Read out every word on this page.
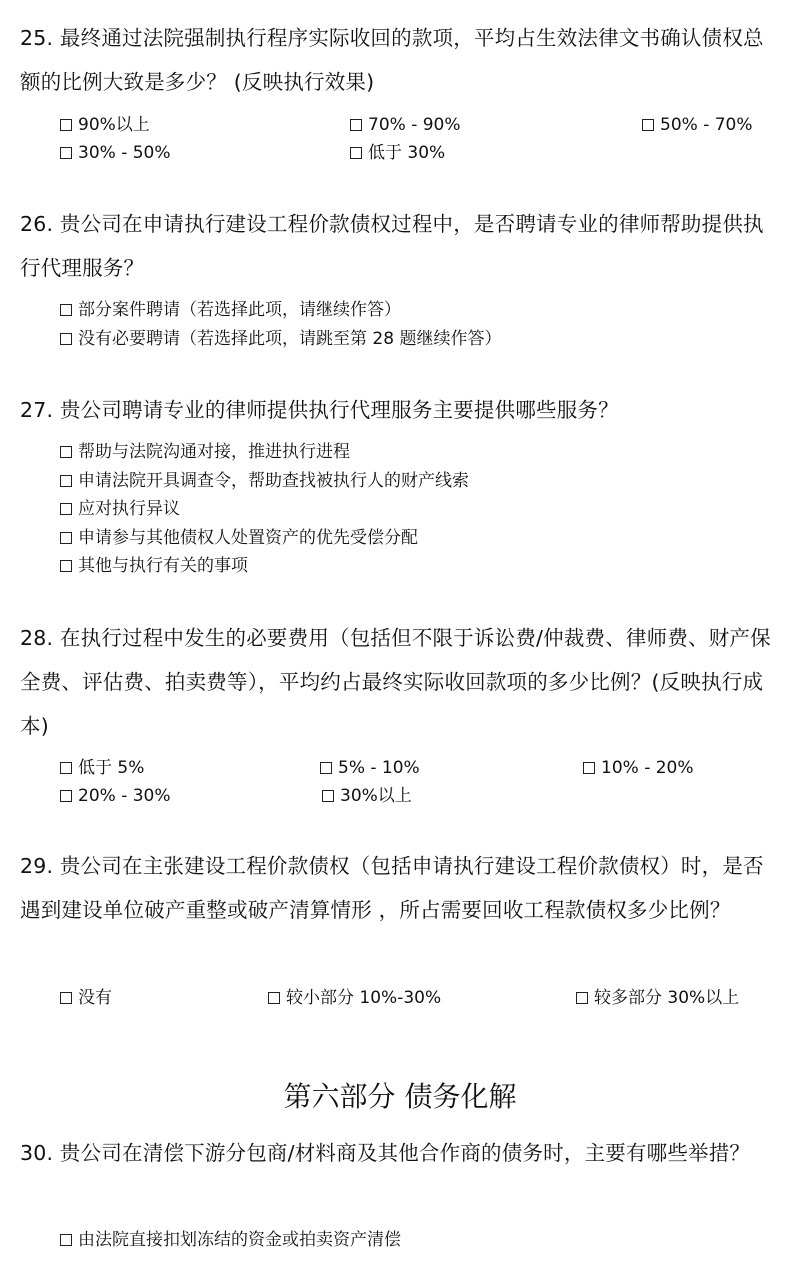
25. 最终通过法院强制执行程序实际收回的款项，平均占生效法律文书确认债权总额的比例大致是多少？ (反映执行效果)
90%以上	70% - 90%	50% - 70%
30% - 50%	低于 30%
26. 贵公司在申请执行建设工程价款债权过程中，是否聘请专业的律师帮助提供执行代理服务？
部分案件聘请（若选择此项，请继续作答）
没有必要聘请（若选择此项，请跳至第 28 题继续作答）
27. 贵公司聘请专业的律师提供执行代理服务主要提供哪些服务？
帮助与法院沟通对接，推进执行进程
申请法院开具调查令，帮助查找被执行人的财产线索
应对执行异议
申请参与其他债权人处置资产的优先受偿分配
其他与执行有关的事项
28. 在执行过程中发生的必要费用（包括但不限于诉讼费/仲裁费、律师费、财产保全费、评估费、拍卖费等），平均约占最终实际收回款项的多少比例？(反映执行成本)
低于 5%	5% - 10%	10% - 20%
20% - 30%	30%以上
29. 贵公司在主张建设工程价款债权（包括申请执行建设工程价款债权）时，是否遇到建设单位破产重整或破产清算情形 ，所占需要回收工程款债权多少比例？
没有	较小部分 10%-30%	较多部分 30%以上
第六部分 债务化解
30. 贵公司在清偿下游分包商/材料商及其他合作商的债务时，主要有哪些举措？
由法院直接扣划冻结的资金或拍卖资产清偿
